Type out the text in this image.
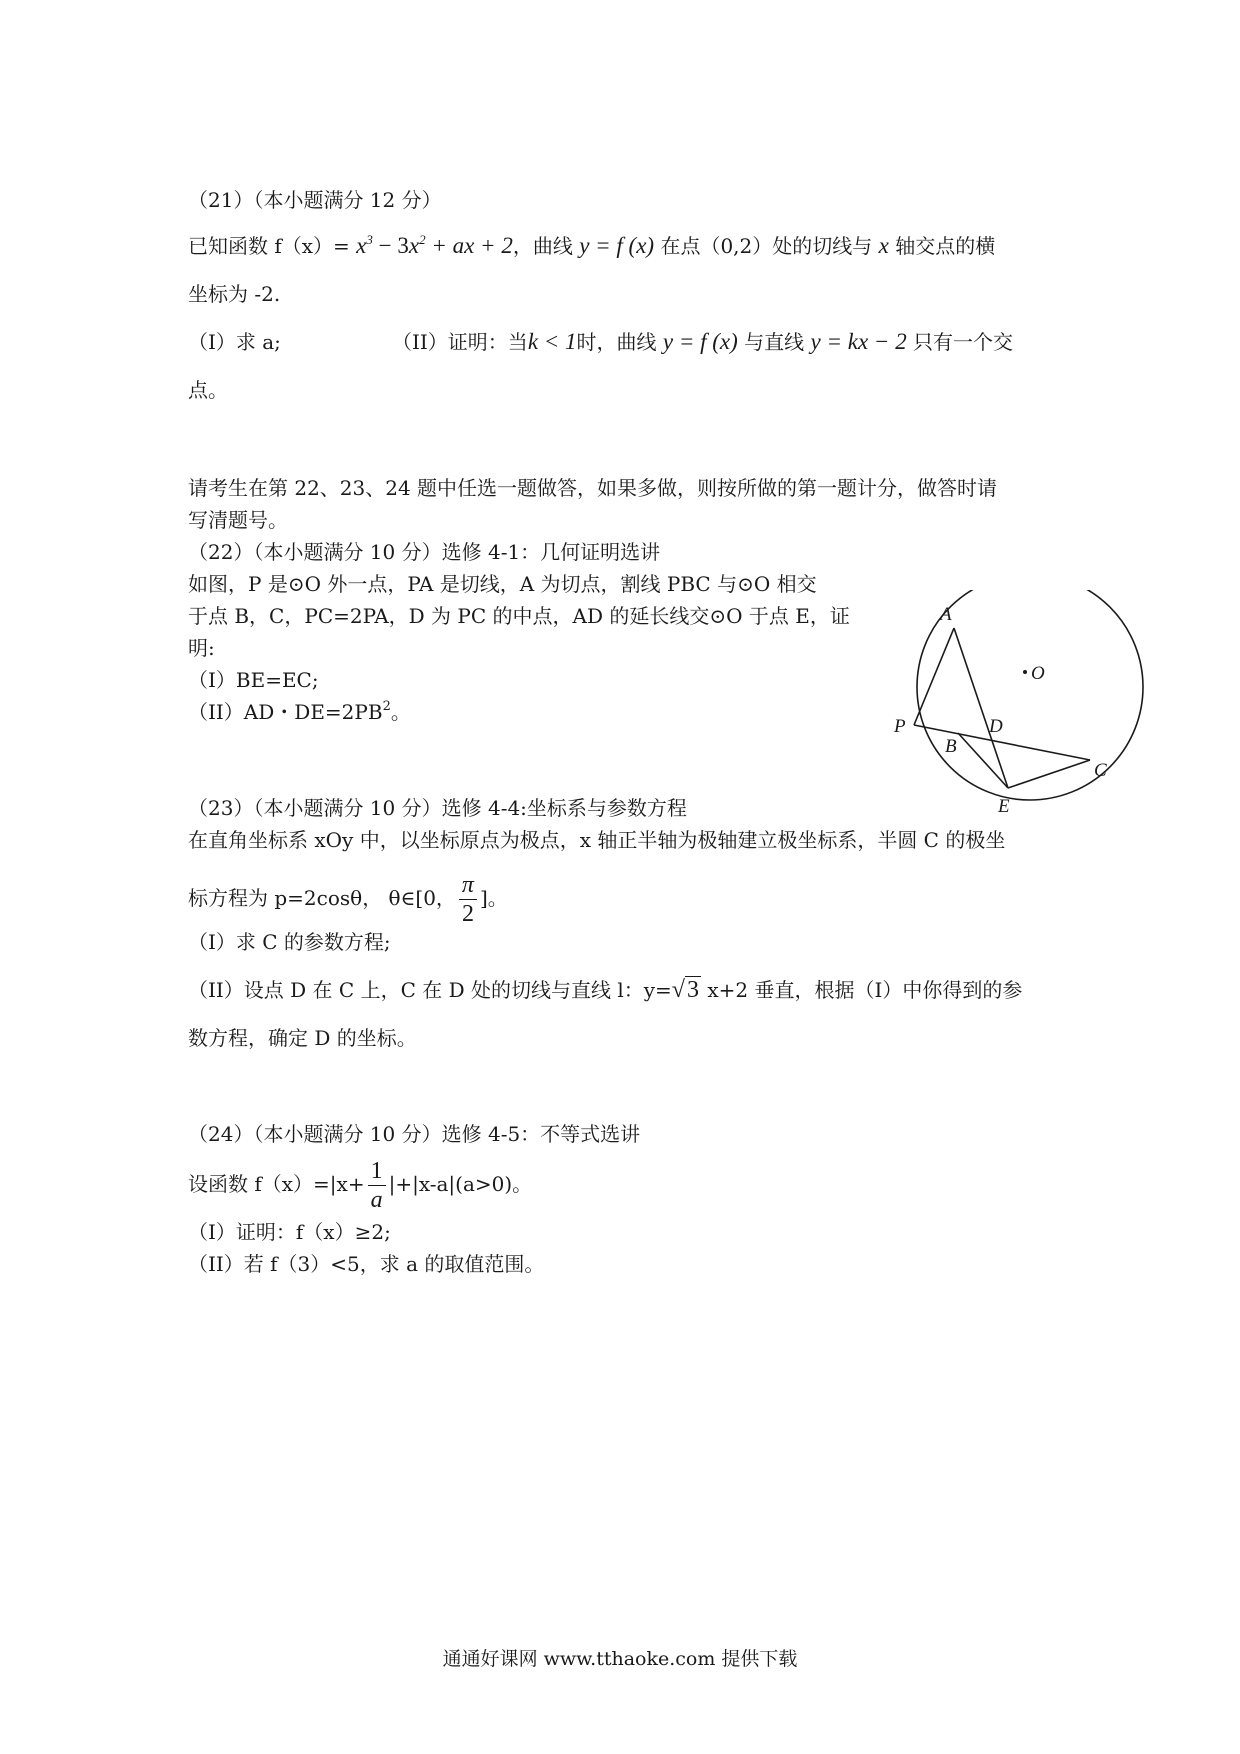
（21）（本小题满分 12 分）
已知函数 $f(x)= x^3 - 3x^2$ + ax + 2，曲线 y = f (x) 在点（0,2）处的切线与 x 轴交点的横
坐标为 -2.
（I）求 a;	（II）证明：当k < 1时，曲线 y = f (x) 与直线 y = kx − 2 只有一个交
点。
请考生在第 22、23、24 题中任选一题做答，如果多做，则按所做的第一题计分，做答时请
写清题号。
（22）（本小题满分 10 分）选修 4-1：几何证明选讲
如图，P 是⊙O 外一点，PA 是切线，A 为切点，割线 PBC 与⊙O 相交
于点 B，C，PC=2PA，D 为 PC 的中点，AD 的延长线交⊙O 于点 E，证
明:
（I）BE=EC;
（II）AD・$DE=2PB^2$。
A
O
P	D
B
C
E
（23）（本小题满分 10 分）选修 4-4:坐标系与参数方程
在直角坐标系 xOy 中，以坐标原点为极点，x 轴正半轴为极轴建立极坐标系，半圆 C 的极坐
标方程为 p=2cosθ， θ∈[0， $\frac{\pi}{2}$ ]。
（I）求 C 的参数方程;
（II）设点 D 在 C 上，C 在 D 处的切线与直线 l：y=√3 x+2 垂直，根据（I）中你得到的参
数方程，确定 D 的坐标。
（24）（本小题满分 10 分）选修 4-5：不等式选讲
设函数 $f(x)=|x+ \frac{1}{a} |+|x-a|(a>0)$。
（I）证明：f（x）≥2;
（II）若 f（3）<5，求 a 的取值范围。
通通好课网 www.tthaoke.com 提供下载
